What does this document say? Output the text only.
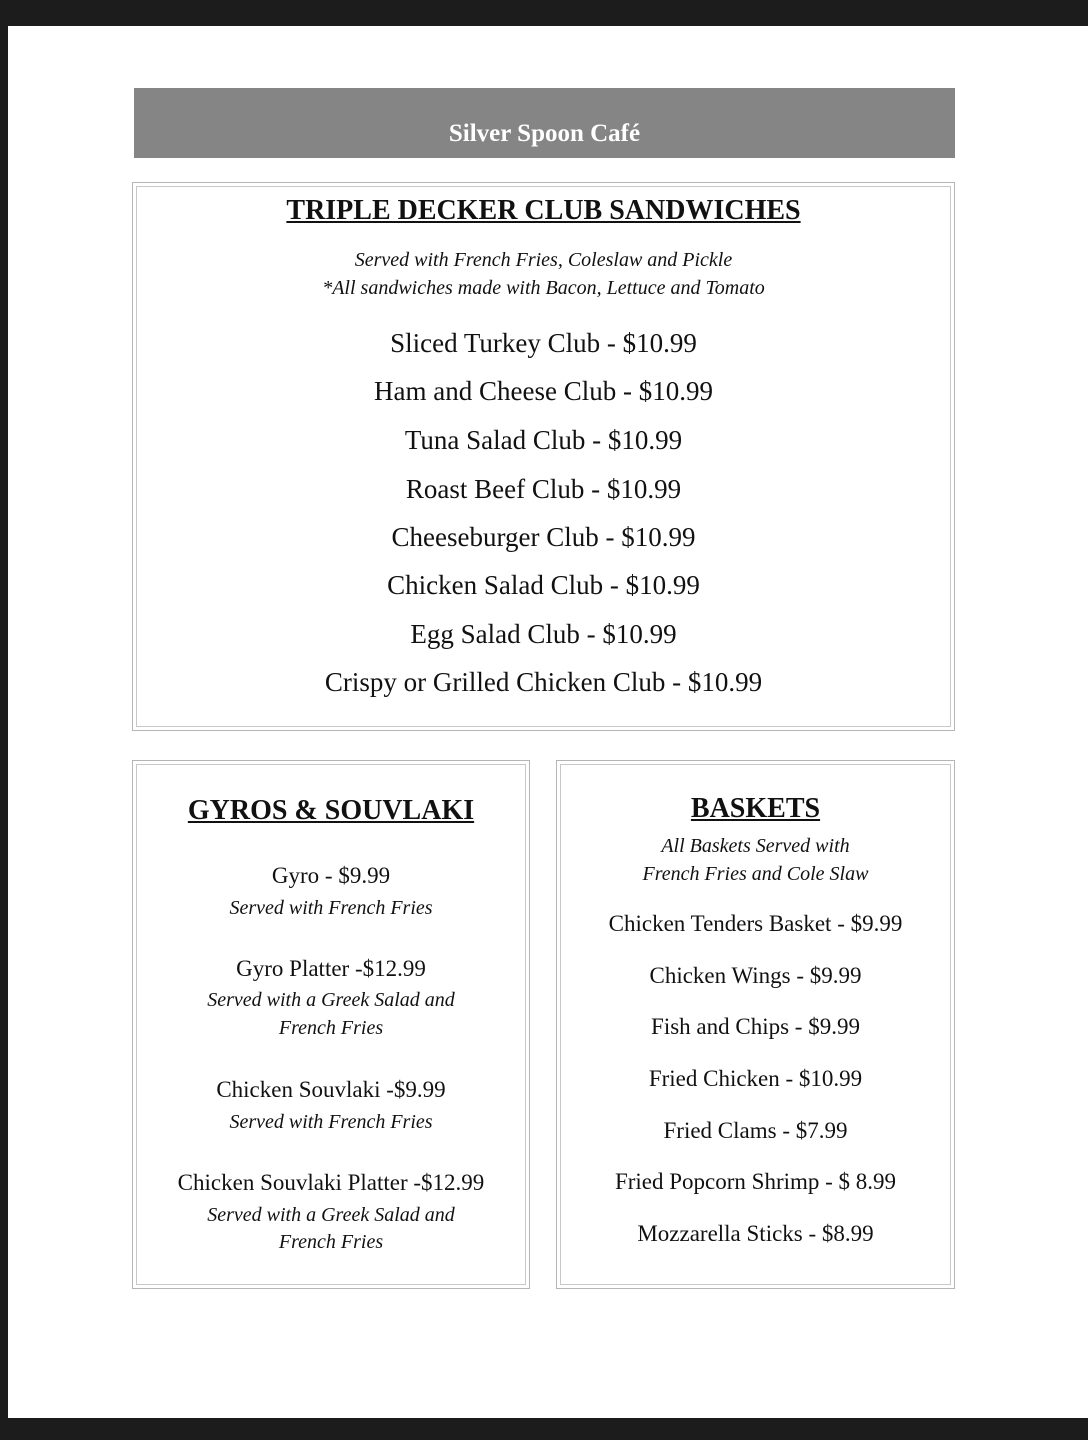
Silver Spoon Café
TRIPLE DECKER CLUB SANDWICHES
Served with French Fries, Coleslaw and Pickle
*All sandwiches made with Bacon, Lettuce and Tomato
Sliced Turkey Club - $10.99
Ham and Cheese Club - $10.99
Tuna Salad Club - $10.99
Roast Beef Club - $10.99
Cheeseburger Club - $10.99
Chicken Salad Club - $10.99
Egg Salad Club - $10.99
Crispy or Grilled Chicken Club - $10.99
GYROS & SOUVLAKI
Gyro - $9.99
Served with French Fries
Gyro Platter -$12.99
Served with a Greek Salad and
French Fries
Chicken Souvlaki -$9.99
Served with French Fries
Chicken Souvlaki Platter -$12.99
Served with a Greek Salad and
French Fries
BASKETS
All Baskets Served with
French Fries and Cole Slaw
Chicken Tenders Basket - $9.99
Chicken Wings - $9.99
Fish and Chips - $9.99
Fried Chicken - $10.99
Fried Clams - $7.99
Fried Popcorn Shrimp - $ 8.99
Mozzarella Sticks - $8.99
